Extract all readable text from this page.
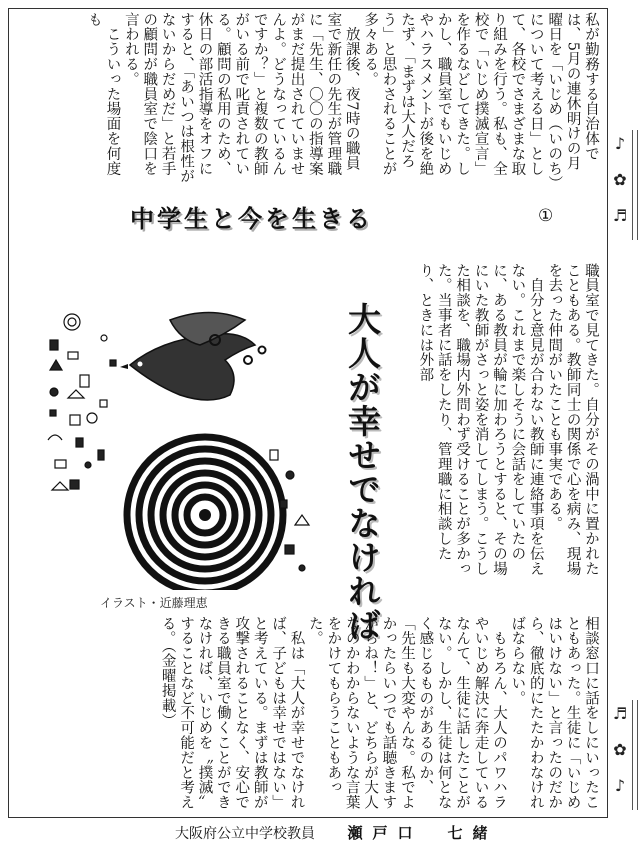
私が勤務する自治体では、5月の連休明けの月曜日を「いじめ（いのち）について考える日」として、各校でさまざまな取り組みを行う。私も、全校で「いじめ撲滅宣言」を作るなどしてきた。しかし、職員室でもいじめやハラスメントが後を絶たず、「まずは大人だろう」と思わされることが多々ある。
　放課後、夜7時の職員室で新任の先生が管理職に「先生、〇〇の指導案がまだ提出されていませんよ。どうなっているんですか？」と複数の教師がいる前で叱責されている。顧問の私用のため、休日の部活指導をオフにすると、「あいつは根性がないからだめだ」と若手の顧問が職員室で陰口を言われる。
　こういった場面を何度も
中学生と今を生きる	①
職員室で見てきた。自分がその渦中に置かれたこともある。教師同士の関係で心を病み、現場を去った仲間がいたことも事実である。
　自分と意見が合わない教師に連絡事項を伝えない。これまで楽しそうに会話をしていたのに、ある教員が輪に加わろうとすると、その場にいた教師がさっと姿を消してしまう。こうした相談を、職場内外問わず受けることが多かった。当事者に話をしたり、管理職に相談したり、ときには外部
大人が幸せでなければ
イラスト・近藤理恵
相談窓口に話をしにいったこともあった。生徒に「いじめはいけない」と言ったのだから、徹底的にたたかわなければならない。
　もちろん、大人のパワハラやいじめ解決に奔走しているなんて、生徒に話したことがない。しかし、生徒は何となく感じるものがあるのか、「先生も大変やんな。私でよかったらいつでも話聴きますからね！」と、どちらが大人なのかわからないような言葉をかけてもらうこともあった。
　私は「大人が幸せでなければ、子どもは幸せではない」と考えている。まずは教師が攻撃されることなく、安心できる職員室で働くことができなければ、いじめを〝撲滅〟することなど不可能だと考える。（金曜掲載）
大阪府公立中学校教員 瀬戸口　七緒
♪
✿
♬
♬
✿
♪
